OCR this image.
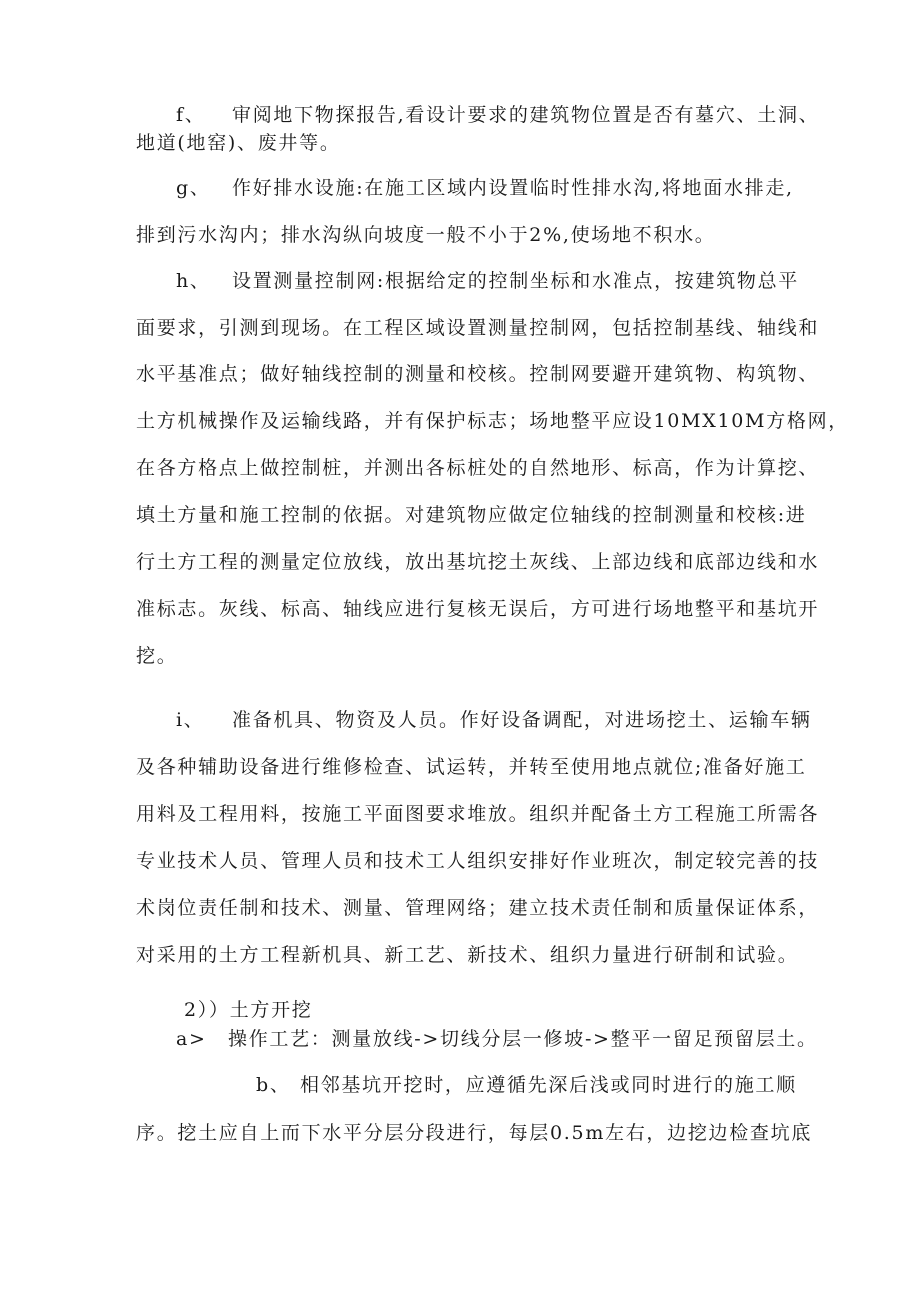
f、 审阅地下物探报告,看设计要求的建筑物位置是否有墓穴、土洞、
地道(地窑)、废井等。
g、 作好排水设施:在施工区域内设置临时性排水沟,将地面水排走,
排到污水沟内；排水沟纵向坡度一般不小于2%,使场地不积水。
h、 设置测量控制网:根据给定的控制坐标和水准点，按建筑物总平
面要求，引测到现场。在工程区域设置测量控制网，包括控制基线、轴线和
水平基准点；做好轴线控制的测量和校核。控制网要避开建筑物、构筑物、
土方机械操作及运输线路，并有保护标志；场地整平应设10MX10M方格网，
在各方格点上做控制桩，并测出各标桩处的自然地形、标高，作为计算挖、
填土方量和施工控制的依据。对建筑物应做定位轴线的控制测量和校核:进
行土方工程的测量定位放线，放出基坑挖土灰线、上部边线和底部边线和水
准标志。灰线、标高、轴线应进行复核无误后，方可进行场地整平和基坑开
挖。
i、 准备机具、物资及人员。作好设备调配，对进场挖土、运输车辆
及各种辅助设备进行维修检查、试运转，并转至使用地点就位;准备好施工
用料及工程用料，按施工平面图要求堆放。组织并配备土方工程施工所需各
专业技术人员、管理人员和技术工人组织安排好作业班次，制定较完善的技
术岗位责任制和技术、测量、管理网络；建立技术责任制和质量保证体系，
对采用的土方工程新机具、新工艺、新技术、组织力量进行研制和试验。
2））土方开挖
a> 操作工艺：测量放线->切线分层一修坡->整平一留足预留层土。
b、 相邻基坑开挖时，应遵循先深后浅或同时进行的施工顺
序。挖土应自上而下水平分层分段进行，每层0.5m左右，边挖边检查坑底
